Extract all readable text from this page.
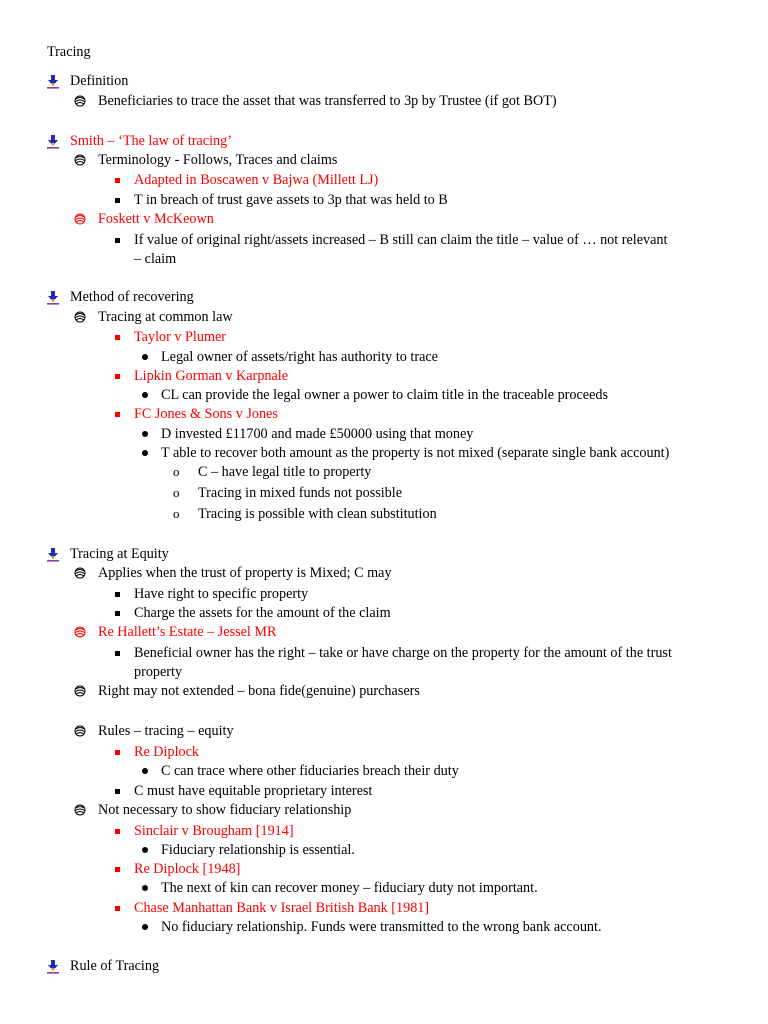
Tracing
Definition
Beneficiaries to trace the asset that was transferred to 3p by Trustee (if got BOT)
Smith – ‘The law of tracing’
Terminology - Follows, Traces and claims
Adapted in Boscawen v Bajwa (Millett LJ)
T in breach of trust gave assets to 3p that was held to B
Foskett v McKeown
If value of original right/assets increased – B still can claim the title – value of … not relevant
– claim
Method of recovering
Tracing at common law
Taylor v Plumer
Legal owner of assets/right has authority to trace
Lipkin Gorman v Karpnale
CL can provide the legal owner a power to claim title in the traceable proceeds
FC Jones & Sons v Jones
D invested £11700 and made £50000 using that money
T able to recover both amount as the property is not mixed (separate single bank account)
o	C – have legal title to property
o	Tracing in mixed funds not possible
o	Tracing is possible with clean substitution
Tracing at Equity
Applies when the trust of property is Mixed; C may
Have right to specific property
Charge the assets for the amount of the claim
Re Hallett’s Estate – Jessel MR
Beneficial owner has the right – take or have charge on the property for the amount of the trust
property
Right may not extended – bona fide(genuine) purchasers
Rules – tracing – equity
Re Diplock
C can trace where other fiduciaries breach their duty
C must have equitable proprietary interest
Not necessary to show fiduciary relationship
Sinclair v Brougham [1914]
Fiduciary relationship is essential.
Re Diplock [1948]
The next of kin can recover money – fiduciary duty not important.
Chase Manhattan Bank v Israel British Bank [1981]
No fiduciary relationship. Funds were transmitted to the wrong bank account.
Rule of Tracing
